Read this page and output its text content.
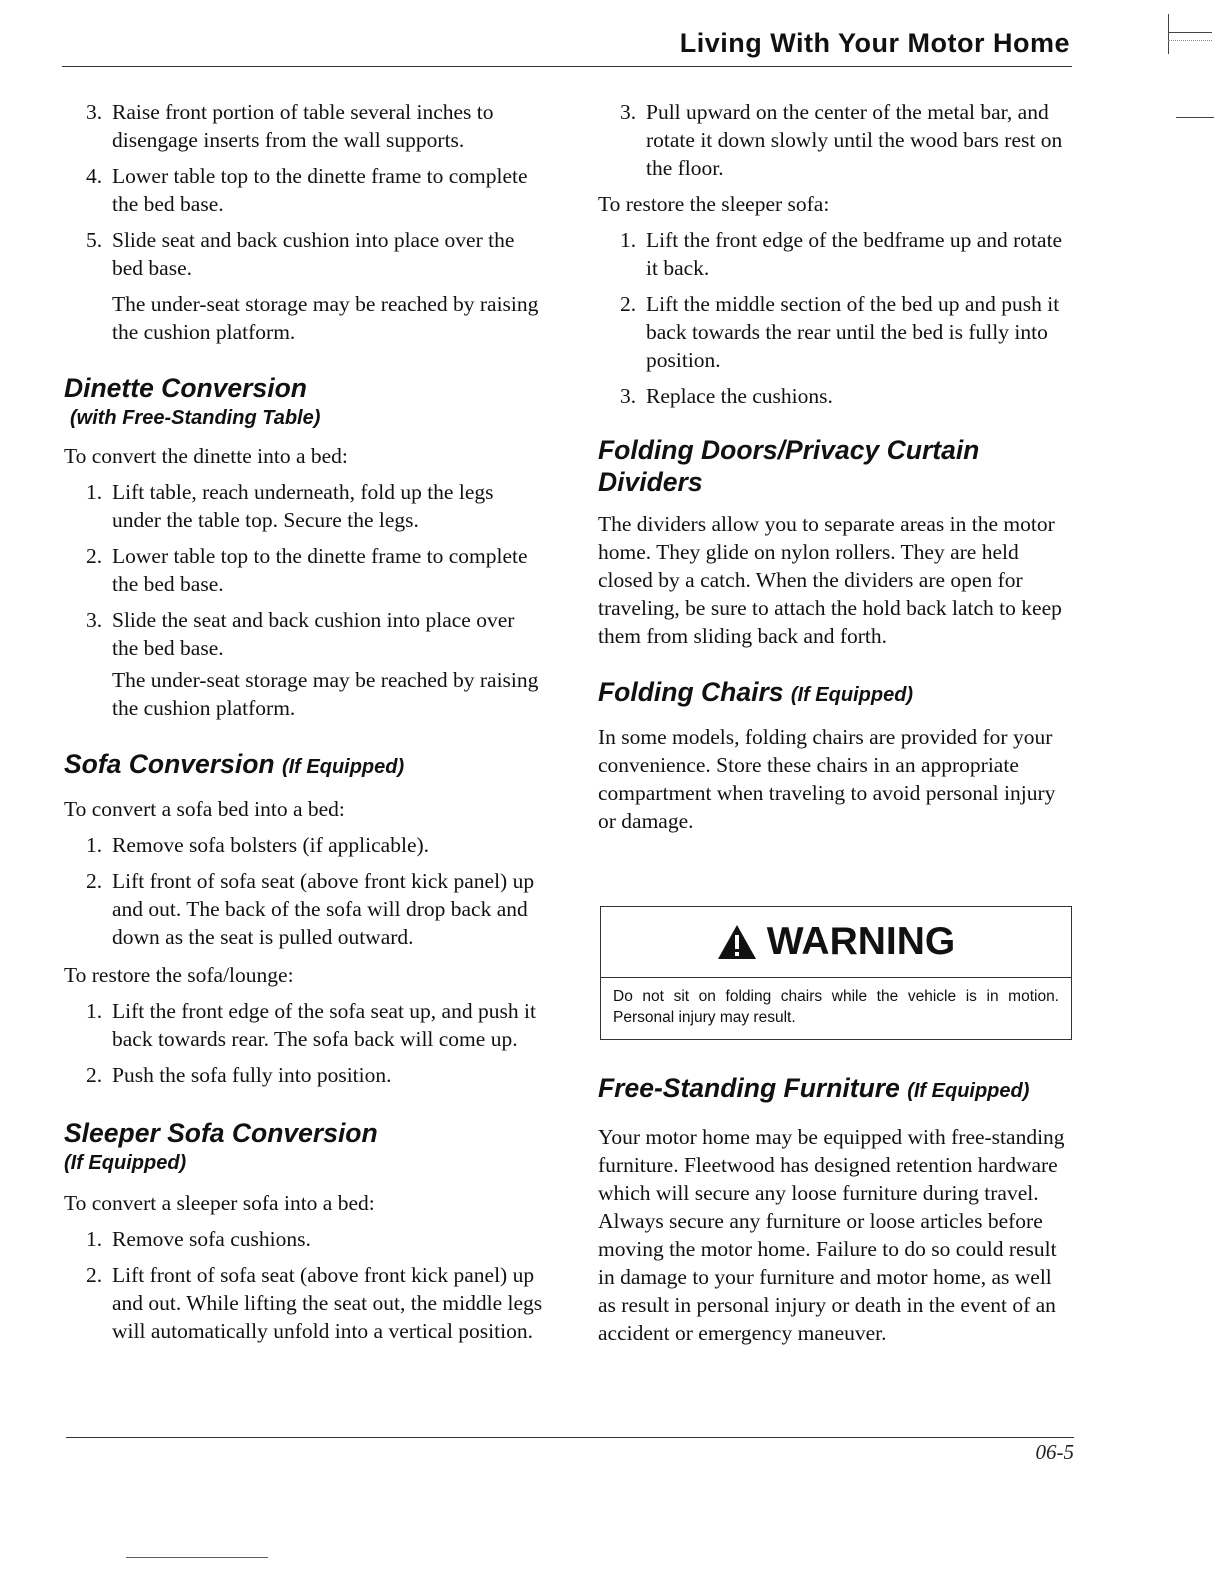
Living With Your Motor Home
3. Raise front portion of table several inches to disengage inserts from the wall supports.
4. Lower table top to the dinette frame to complete the bed base.
5. Slide seat and back cushion into place over the bed base.

The under-seat storage may be reached by raising the cushion platform.

Dinette Conversion
(with Free-Standing Table)

To convert the dinette into a bed:

1. Lift table, reach underneath, fold up the legs under the table top. Secure the legs.
2. Lower table top to the dinette frame to complete the bed base.
3. Slide the seat and back cushion into place over the bed base.

The under-seat storage may be reached by raising the cushion platform.

Sofa Conversion (If Equipped)

To convert a sofa bed into a bed:

1. Remove sofa bolsters (if applicable).
2. Lift front of sofa seat (above front kick panel) up and out. The back of the sofa will drop back and down as the seat is pulled outward.

To restore the sofa/lounge:

1. Lift the front edge of the sofa seat up, and push it back towards rear. The sofa back will come up.
2. Push the sofa fully into position.
Sleeper Sofa Conversion
(If Equipped)

To convert a sleeper sofa into a bed:

1. Remove sofa cushions.
2. Lift front of sofa seat (above front kick panel) up and out. While lifting the seat out, the middle legs will automatically unfold into a vertical position.
3. Pull upward on the center of the metal bar, and rotate it down slowly until the wood bars rest on the floor.

To restore the sleeper sofa:

1. Lift the front edge of the bedframe up and rotate it back.
2. Lift the middle section of the bed up and push it back towards the rear until the bed is fully into position.
3. Replace the cushions.
Folding Doors/Privacy Curtain Dividers

The dividers allow you to separate areas in the motor home. They glide on nylon rollers. They are held closed by a catch. When the dividers are open for traveling, be sure to attach the hold back latch to keep them from sliding back and forth.

Folding Chairs (If Equipped)

In some models, folding chairs are provided for your convenience. Store these chairs in an appropriate compartment when traveling to avoid personal injury or damage.

WARNING
Do not sit on folding chairs while the vehicle is in motion. Personal injury may result.
Free-Standing Furniture (If Equipped)

Your motor home may be equipped with free-standing furniture. Fleetwood has designed retention hardware which will secure any loose furniture during travel. Always secure any furniture or loose articles before moving the motor home. Failure to do so could result in damage to your furniture and motor home, as well as result in personal injury or death in the event of an accident or emergency maneuver.

06-5
